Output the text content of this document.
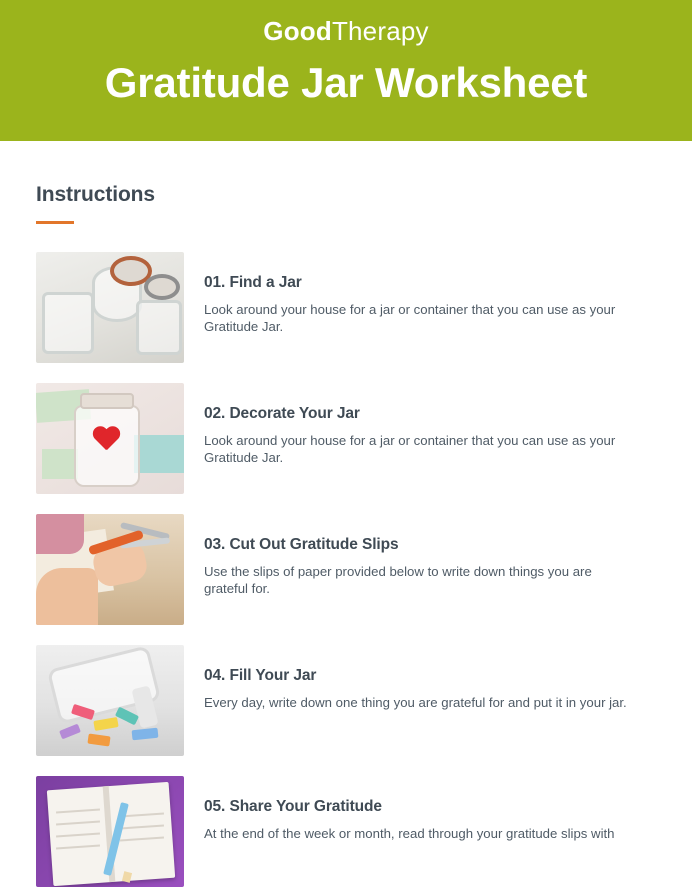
GoodTherapy
Gratitude Jar Worksheet
Instructions
01. Find a Jar
Look around your house for a jar or container that you can use as your Gratitude Jar.
02. Decorate Your Jar
Look around your house for a jar or container that you can use as your Gratitude Jar.
03. Cut Out Gratitude Slips
Use the slips of paper provided below to write down things you are grateful for.
04. Fill Your Jar
Every day, write down one thing you are grateful for and put it in your jar.
05. Share Your Gratitude
At the end of the week or month, read through your gratitude slips with
